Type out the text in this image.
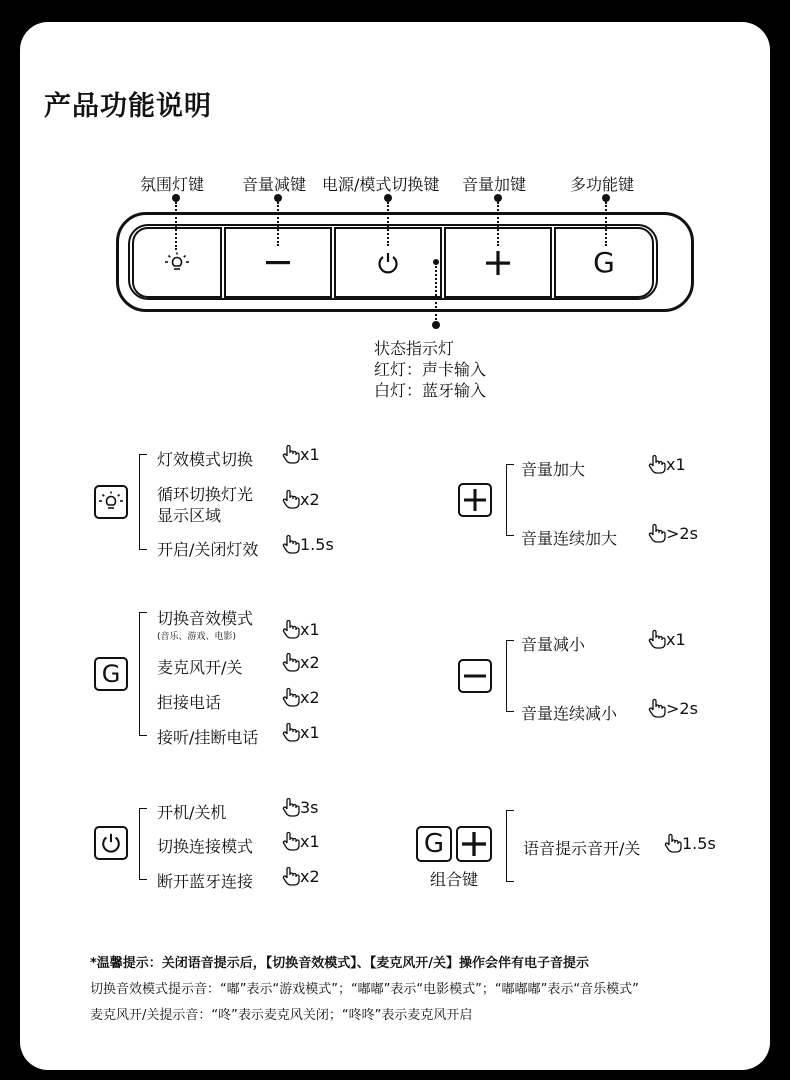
产品功能说明
氛围灯键 音量减键 电源/模式切换键 音量加键	多功能键
G
状态指示灯
红灯：声卡输入
白灯：蓝牙输入
灯效模式切换
循环切换灯光
显示区域
开启/关闭灯效
x1
x2
1.5s
音量加大
音量连续加大
x1
>2s
G
切换音效模式
(音乐、游戏、电影)
麦克风开/关
拒接电话
接听/挂断电话
x1
x2
x2
x1
音量减小
音量连续减小
x1
>2s
开机/关机
切换连接模式
断开蓝牙连接
3s
x1
x2
G
组合键
语音提示音开/关	1.5s
*温馨提示：关闭语音提示后，【切换音效模式】、【麦克风开/关】操作会伴有电子音提示
切换音效模式提示音：“嘟”表示“游戏模式”；“嘟嘟”表示“电影模式”；“嘟嘟嘟”表示“音乐模式”
麦克风开/关提示音：“咚”表示麦克风关闭；“咚咚”表示麦克风开启
